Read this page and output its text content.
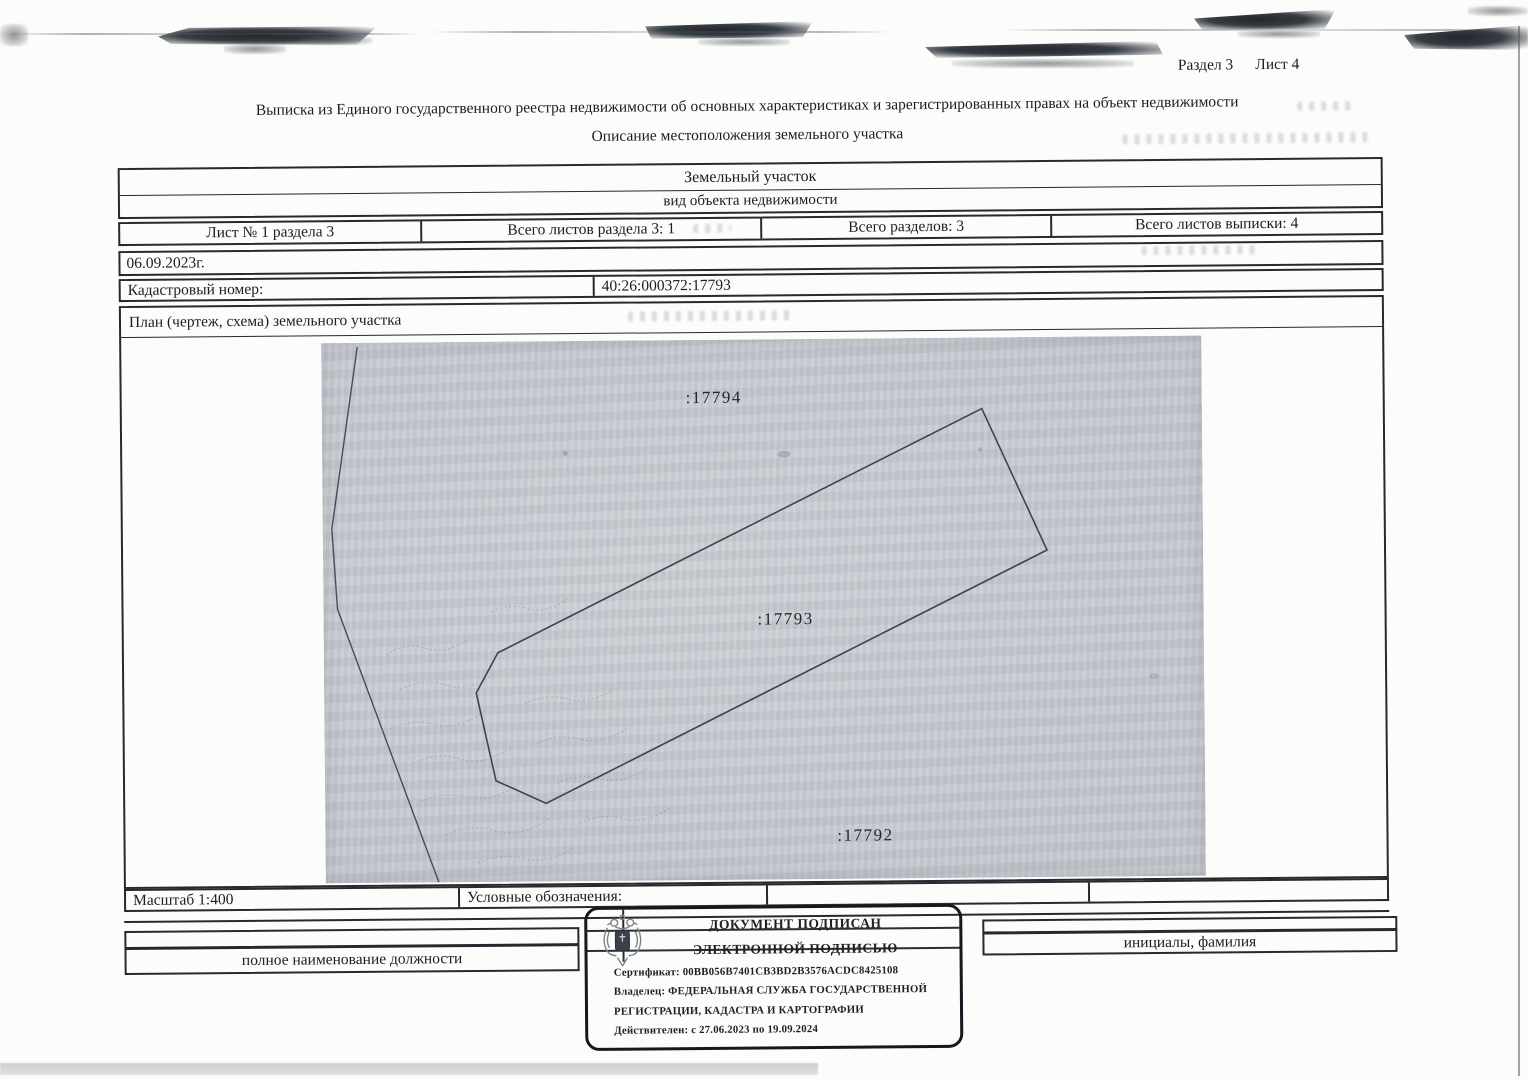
Раздел 3 Лист 4
Выписка из Единого государственного реестра недвижимости об основных характеристиках и зарегистрированных правах на объект недвижимости
Описание местоположения земельного участка
Земельный участок
вид объекта недвижимости
Лист № 1 раздела 3	Всего листов раздела 3: 1	Всего разделов: 3	Всего листов выписки: 4
06.09.2023г.
Кадастровый номер:	40:26:000372:17793
План (чертеж, схема) земельного участка
:17794
:17793
:17792
Масштаб 1:400	Условные обозначения:
полное наименование должности
инициалы, фамилия
ДОКУМЕНТ ПОДПИСАН
ЭЛЕКТРОННОЙ ПОДПИСЬЮ
Сертификат: 00BB056B7401CB3BD2B3576ACDC8425108
Владелец: ФЕДЕРАЛЬНАЯ СЛУЖБА ГОСУДАРСТВЕННОЙ
РЕГИСТРАЦИИ, КАДАСТРА И КАРТОГРАФИИ
Действителен: с 27.06.2023 по 19.09.2024
